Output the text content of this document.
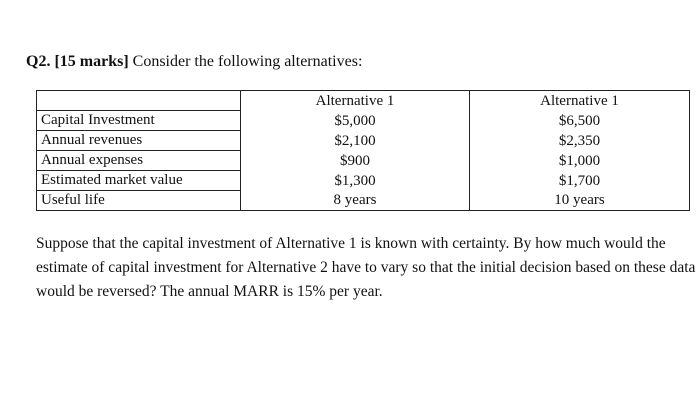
Q2. [15 marks] Consider the following alternatives:
	Alternative 1	Alternative 1
Capital Investment	$5,000	$6,500
Annual revenues	$2,100	$2,350
Annual expenses	$900	$1,000
Estimated market value	$1,300	$1,700
Useful life	8 years	10 years

Suppose that the capital investment of Alternative 1 is known with certainty. By how much would the estimate of capital investment for Alternative 2 have to vary so that the initial decision based on these data would be reversed? The annual MARR is 15% per year.
